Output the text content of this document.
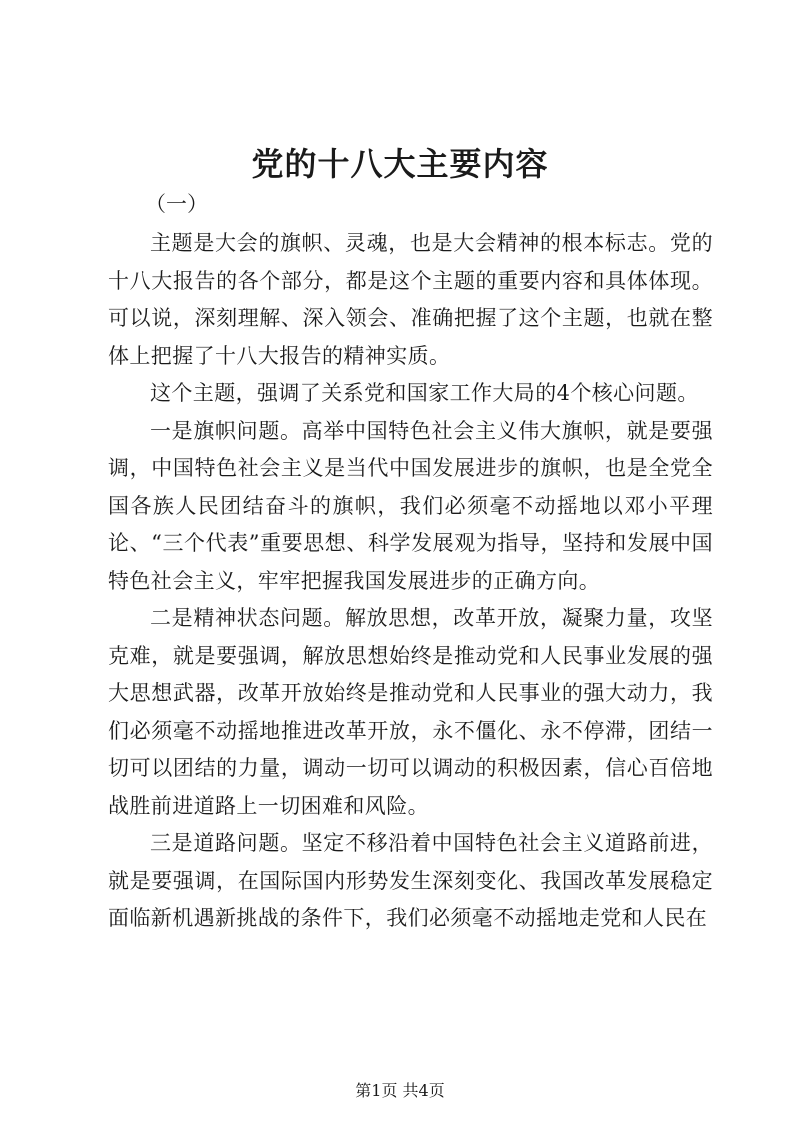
党的十八大主要内容
（一）

主题是大会的旗帜、灵魂，也是大会精神的根本标志。党的十八大报告的各个部分，都是这个主题的重要内容和具体体现。可以说，深刻理解、深入领会、准确把握了这个主题，也就在整体上把握了十八大报告的精神实质。

这个主题，强调了关系党和国家工作大局的4个核心问题。

一是旗帜问题。高举中国特色社会主义伟大旗帜，就是要强调，中国特色社会主义是当代中国发展进步的旗帜，也是全党全国各族人民团结奋斗的旗帜，我们必须毫不动摇地以邓小平理论、“三个代表”重要思想、科学发展观为指导，坚持和发展中国特色社会主义，牢牢把握我国发展进步的正确方向。

二是精神状态问题。解放思想，改革开放，凝聚力量，攻坚克难，就是要强调，解放思想始终是推动党和人民事业发展的强大思想武器，改革开放始终是推动党和人民事业的强大动力，我们必须毫不动摇地推进改革开放，永不僵化、永不停滞，团结一切可以团结的力量，调动一切可以调动的积极因素，信心百倍地战胜前进道路上一切困难和风险。

三是道路问题。坚定不移沿着中国特色社会主义道路前进，就是要强调，在国际国内形势发生深刻变化、我国改革发展稳定面临新机遇新挑战的条件下，我们必须毫不动摇地走党和人民在

第1页 共4页
